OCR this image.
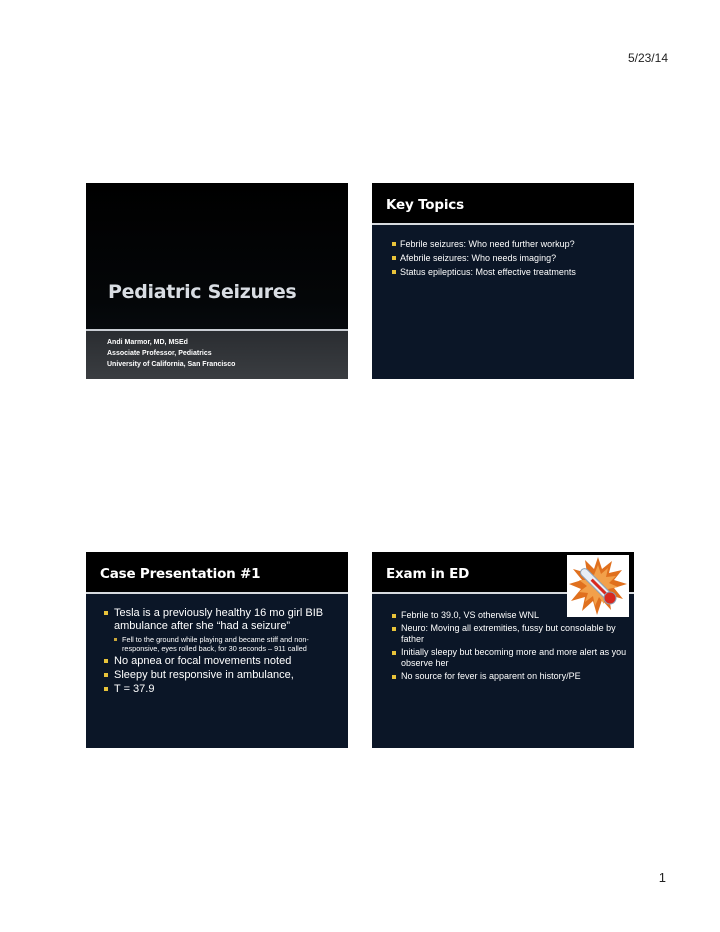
5/23/14
Pediatric Seizures
Andi Marmor, MD, MSEd
Associate Professor, Pediatrics
University of California, San Francisco
Key Topics
Febrile seizures: Who need further workup?
Afebrile seizures: Who needs imaging?
Status epilepticus: Most effective treatments
Case Presentation #1
Tesla is a previously healthy 16 mo girl BIB ambulance after she “had a seizure”
Fell to the ground while playing and became stiff and non-responsive, eyes rolled back, for 30 seconds – 911 called
No apnea or focal movements noted
Sleepy but responsive in ambulance,
T = 37.9
Exam in ED
Febrile to 39.0, VS otherwise WNL
Neuro: Moving all extremities, fussy but consolable by father
Initially sleepy but becoming more and more alert as you observe her
No source for fever is apparent on history/PE
1
